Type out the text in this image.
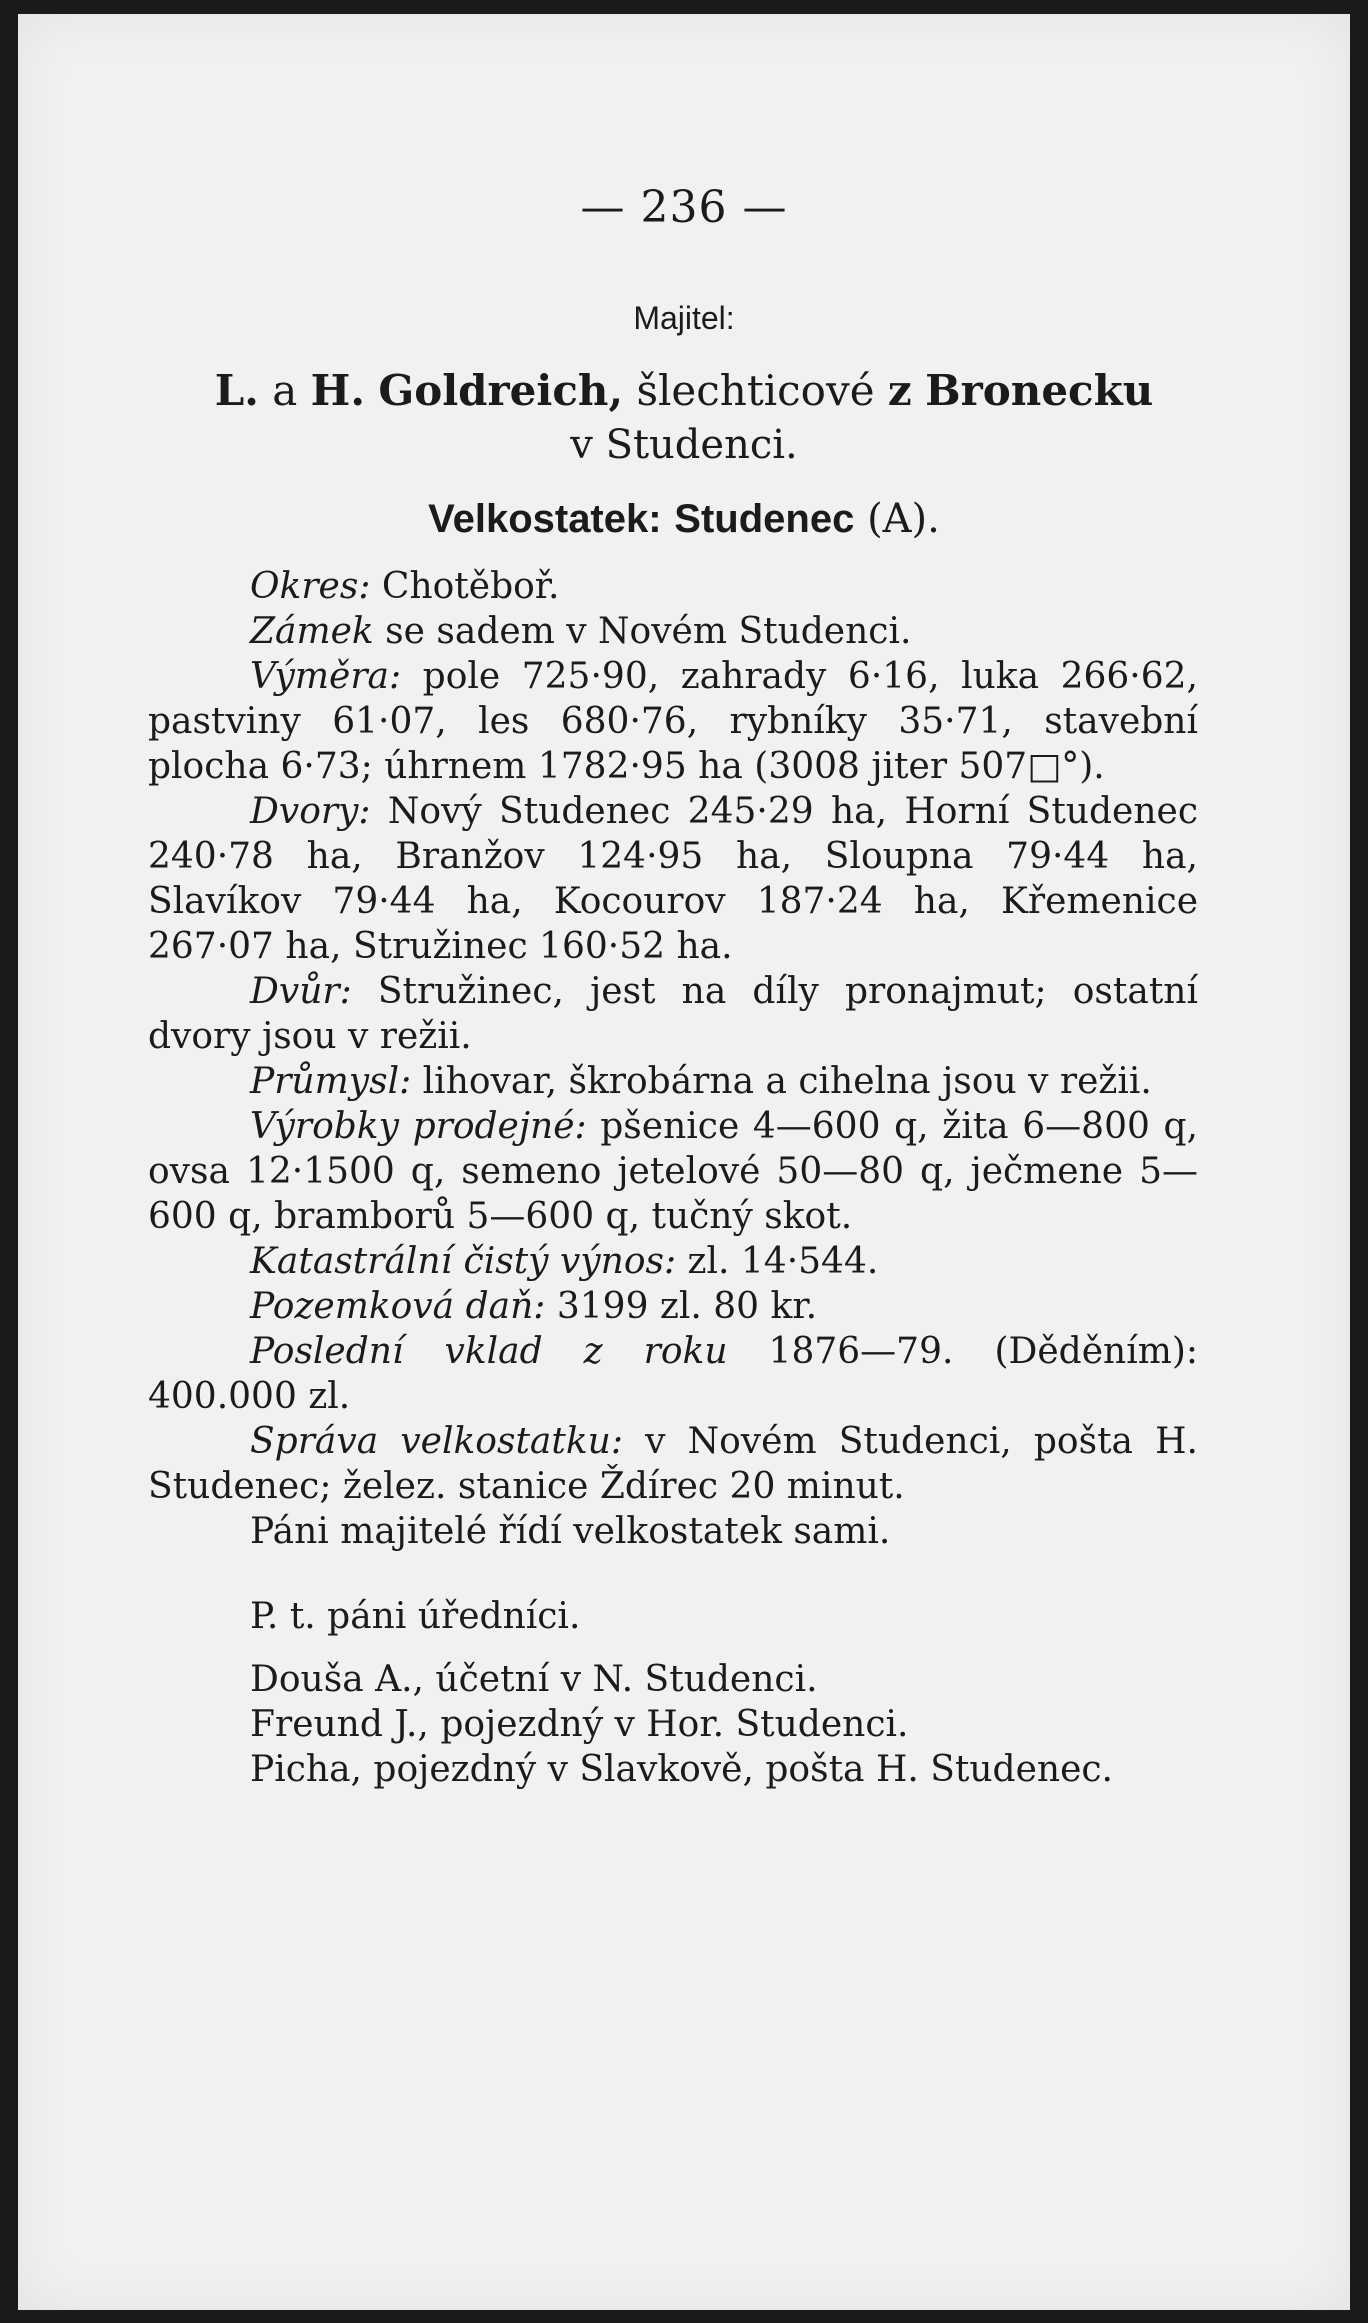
— 236 —
Majitel:
L. a H. Goldreich, šlechticové z Bronecku
v Studenci.
Velkostatek: Studenec (A).

Okres: Chotěboř.

Zámek se sadem v Novém Studenci.

Výměra: pole 725·90, zahrady 6·16, luka 266·62, pastviny 61·07, les 680·76, rybníky 35·71, stavební plocha 6·73; úhrnem 1782·95 ha (3008 jiter 507□°).

Dvory: Nový Studenec 245·29 ha, Horní Studenec 240·78 ha, Branžov 124·95 ha, Sloupna 79·44 ha, Slavíkov 79·44 ha, Kocourov 187·24 ha, Křemenice 267·07 ha, Stružinec 160·52 ha.

Dvůr: Stružinec, jest na díly pronajmut; ostatní dvory jsou v režii.

Průmysl: lihovar, škrobárna a cihelna jsou v režii.

Výrobky prodejné: pšenice 4—600 q, žita 6—800 q, ovsa 12·1500 q, semeno jetelové 50—80 q, ječmene 5—600 q, bramborů 5—600 q, tučný skot.

Katastrální čistý výnos: zl. 14·544.

Pozemková daň: 3199 zl. 80 kr.

Poslední vklad z roku 1876—79. (Děděním): 400.000 zl.

Správa velkostatku: v Novém Studenci, pošta H. Studenec; želez. stanice Ždírec 20 minut.

Páni majitelé řídí velkostatek sami.

P. t. páni úředníci.

Douša A., účetní v N. Studenci.
Freund J., pojezdný v Hor. Studenci.
Picha, pojezdný v Slavkově, pošta H. Studenec.
